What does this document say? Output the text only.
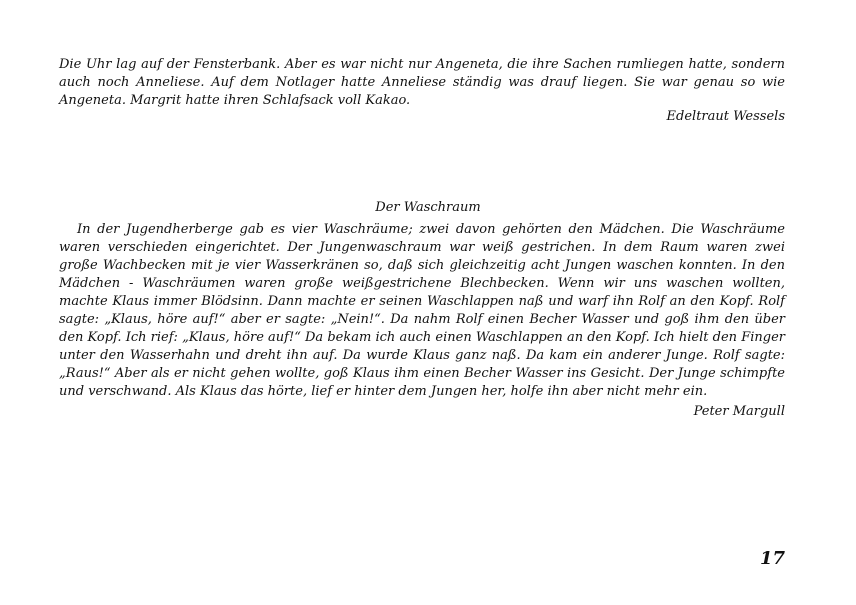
Die Uhr lag auf der Fensterbank. Aber es war nicht nur Angeneta, die ihre Sachen rumliegen hatte, sondern auch noch Anneliese. Auf dem Notlager hatte Anneliese ständig was drauf liegen. Sie war genau so wie Angeneta. Margrit hatte ihren Schlafsack voll Kakao.

Edeltraut Wessels

Der Waschraum

In der Jugendherberge gab es vier Waschräume; zwei davon gehörten den Mädchen. Die Waschräume waren verschieden eingerichtet. Der Jungenwaschraum war weiß gestrichen. In dem Raum waren zwei große Wachbecken mit je vier Wasserkränen so, daß sich gleichzeitig acht Jungen waschen konnten. In den Mädchen - Waschräumen waren große weißgestrichene Blechbecken. Wenn wir uns waschen wollten, machte Klaus immer Blödsinn. Dann machte er seinen Waschlappen naß und warf ihn Rolf an den Kopf. Rolf sagte: „Klaus, höre auf!“ aber er sagte: „Nein!“. Da nahm Rolf einen Becher Wasser und goß ihm den über den Kopf. Ich rief: „Klaus, höre auf!“ Da bekam ich auch einen Waschlappen an den Kopf. Ich hielt den Finger unter den Wasserhahn und dreht ihn auf. Da wurde Klaus ganz naß. Da kam ein anderer Junge. Rolf sagte: „Raus!“ Aber als er nicht gehen wollte, goß Klaus ihm einen Becher Wasser ins Gesicht. Der Junge schimpfte und verschwand. Als Klaus das hörte, lief er hinter dem Jungen her, holfe ihn aber nicht mehr ein.

Peter Margull

17
